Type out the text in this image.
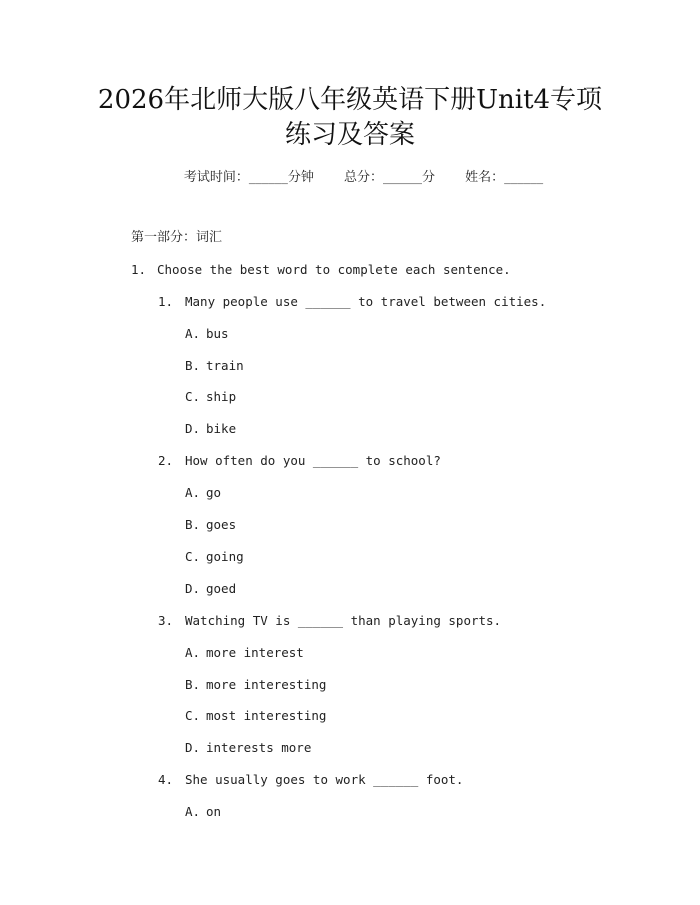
2026年北师大版八年级英语下册Unit4专项
练习及答案
考试时间：______分钟 总分：______分 姓名：______
第一部分：词汇
1. Choose the best word to complete each sentence.
1. Many people use ______ to travel between cities.
A. bus
B. train
C. ship
D. bike
2. How often do you ______ to school?
A. go
B. goes
C. going
D. goed
3. Watching TV is ______ than playing sports.
A. more interest
B. more interesting
C. most interesting
D. interests more
4. She usually goes to work ______ foot.
A. on
